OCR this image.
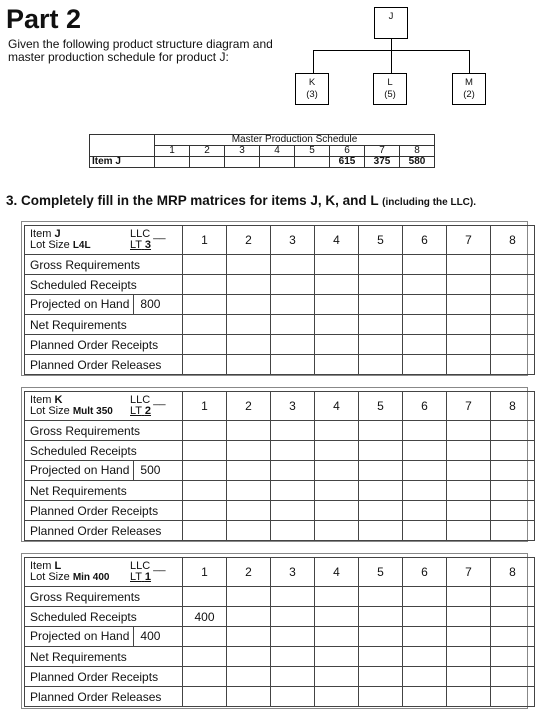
Part 2
Given the following product structure diagram and master production schedule for product J:
J
K
(3)
L
(5)
M
(2)
	Master Production Schedule							
	1	2	3	4	5	6	7	8
Item J						615	375	580
3. Completely fill in the MRP matrices for items J, K, and L (including the LLC).
Item J LLC __

Lot Size L4L LT 3	1	2	3	4	5	6	7	8
Gross Requirements								
Scheduled Receipts								
Projected on Hand 800								
Net Requirements								
Planned Order Receipts								
Planned Order Releases								
Item K LLC __

Lot Size Mult 350 LT 2	1	2	3	4	5	6	7	8
Gross Requirements								
Scheduled Receipts								
Projected on Hand 500								
Net Requirements								
Planned Order Receipts								
Planned Order Releases								
Item L LLC __

Lot Size Min 400 LT 1	1	2	3	4	5	6	7	8
Gross Requirements								
Scheduled Receipts	400							
Projected on Hand 400								
Net Requirements								
Planned Order Receipts								
Planned Order Releases								
